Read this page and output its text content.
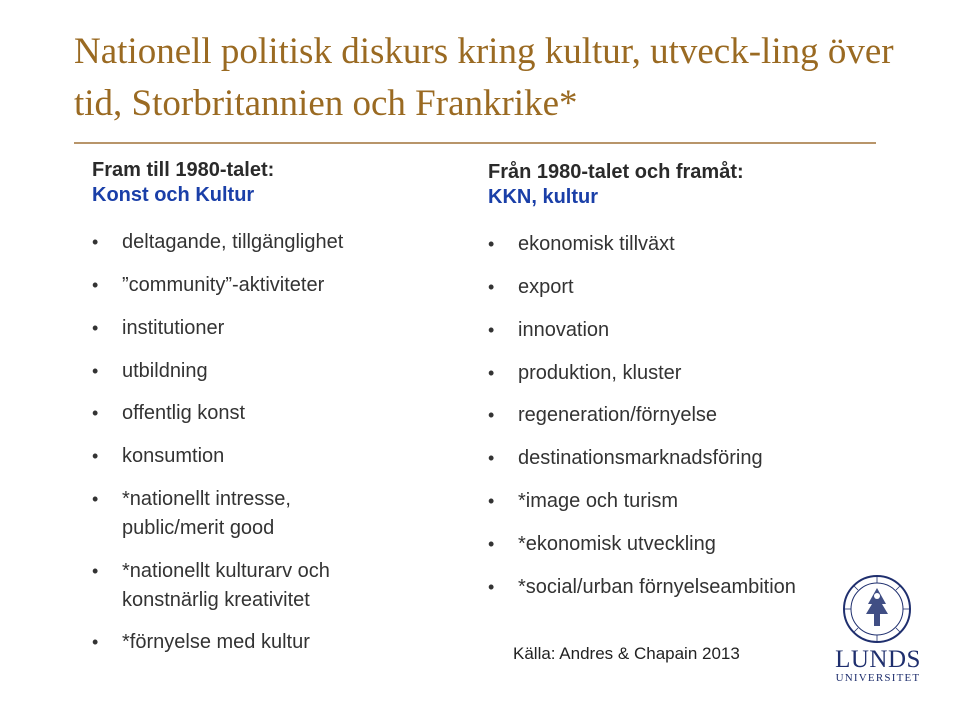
Nationell politisk diskurs kring kultur, utveck-ling över tid, Storbritannien och Frankrike*
Fram till 1980-talet:
Konst och Kultur
• deltagande, tillgänglighet
• ”community”-aktiviteter
• institutioner
• utbildning
• offentlig konst
• konsumtion
• *nationellt intresse,
public/merit good
• *nationellt kulturarv och
konstnärlig kreativitet
• *förnyelse med kultur
Från 1980-talet och framåt:
KKN, kultur
• ekonomisk tillväxt
• export
• innovation
• produktion, kluster
• regeneration/förnyelse
• destinationsmarknadsföring
• *image och turism
• *ekonomisk utveckling
• *social/urban förnyelseambition
Källa: Andres & Chapain 2013	LUNDS
UNIVERSITET
